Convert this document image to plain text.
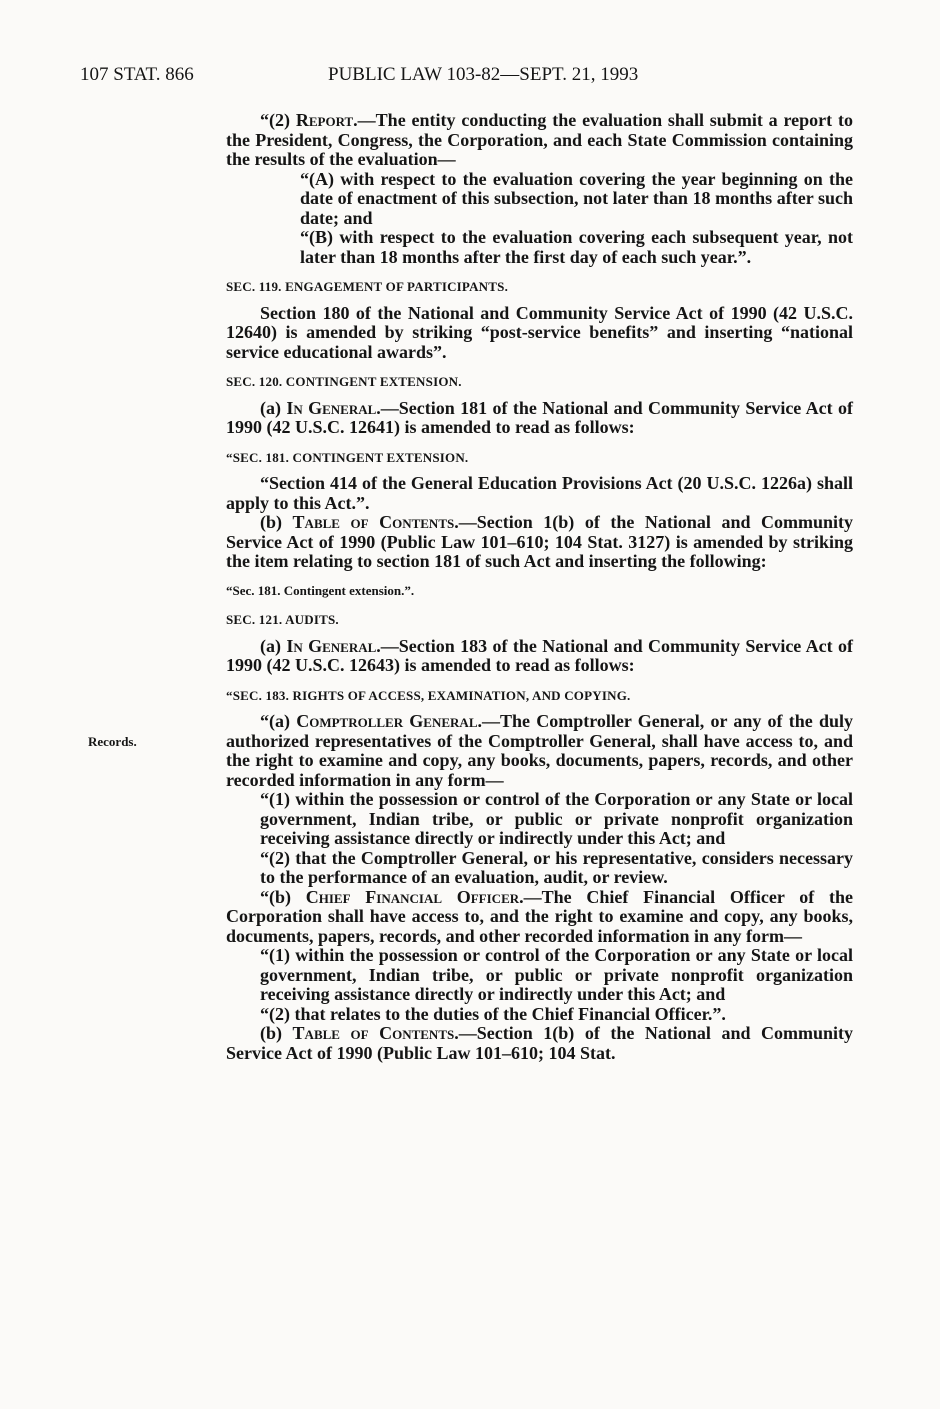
107 STAT. 866	PUBLIC LAW 103-82—SEPT. 21, 1993
Records.

“(2) Report.—The entity conducting the evaluation shall submit a report to the President, Congress, the Corporation, and each State Commission containing the results of the evaluation—

“(A) with respect to the evaluation covering the year beginning on the date of enactment of this subsection, not later than 18 months after such date; and

“(B) with respect to the evaluation covering each subsequent year, not later than 18 months after the first day of each such year.”.

SEC. 119. ENGAGEMENT OF PARTICIPANTS.

Section 180 of the National and Community Service Act of 1990 (42 U.S.C. 12640) is amended by striking “post-service benefits” and inserting “national service educational awards”.

SEC. 120. CONTINGENT EXTENSION.

(a) In General.—Section 181 of the National and Community Service Act of 1990 (42 U.S.C. 12641) is amended to read as follows:

“SEC. 181. CONTINGENT EXTENSION.

“Section 414 of the General Education Provisions Act (20 U.S.C. 1226a) shall apply to this Act.”.

(b) Table of Contents.—Section 1(b) of the National and Community Service Act of 1990 (Public Law 101–610; 104 Stat. 3127) is amended by striking the item relating to section 181 of such Act and inserting the following:

“Sec. 181. Contingent extension.”.
SEC. 121. AUDITS.

(a) In General.—Section 183 of the National and Community Service Act of 1990 (42 U.S.C. 12643) is amended to read as follows:

“SEC. 183. RIGHTS OF ACCESS, EXAMINATION, AND COPYING.

“(a) Comptroller General.—The Comptroller General, or any of the duly authorized representatives of the Comptroller General, shall have access to, and the right to examine and copy, any books, documents, papers, records, and other recorded information in any form—

“(1) within the possession or control of the Corporation or any State or local government, Indian tribe, or public or private nonprofit organization receiving assistance directly or indirectly under this Act; and

“(2) that the Comptroller General, or his representative, considers necessary to the performance of an evaluation, audit, or review.

“(b) Chief Financial Officer.—The Chief Financial Officer of the Corporation shall have access to, and the right to examine and copy, any books, documents, papers, records, and other recorded information in any form—

“(1) within the possession or control of the Corporation or any State or local government, Indian tribe, or public or private nonprofit organization receiving assistance directly or indirectly under this Act; and

“(2) that relates to the duties of the Chief Financial Officer.”.

(b) Table of Contents.—Section 1(b) of the National and Community Service Act of 1990 (Public Law 101–610; 104 Stat.
